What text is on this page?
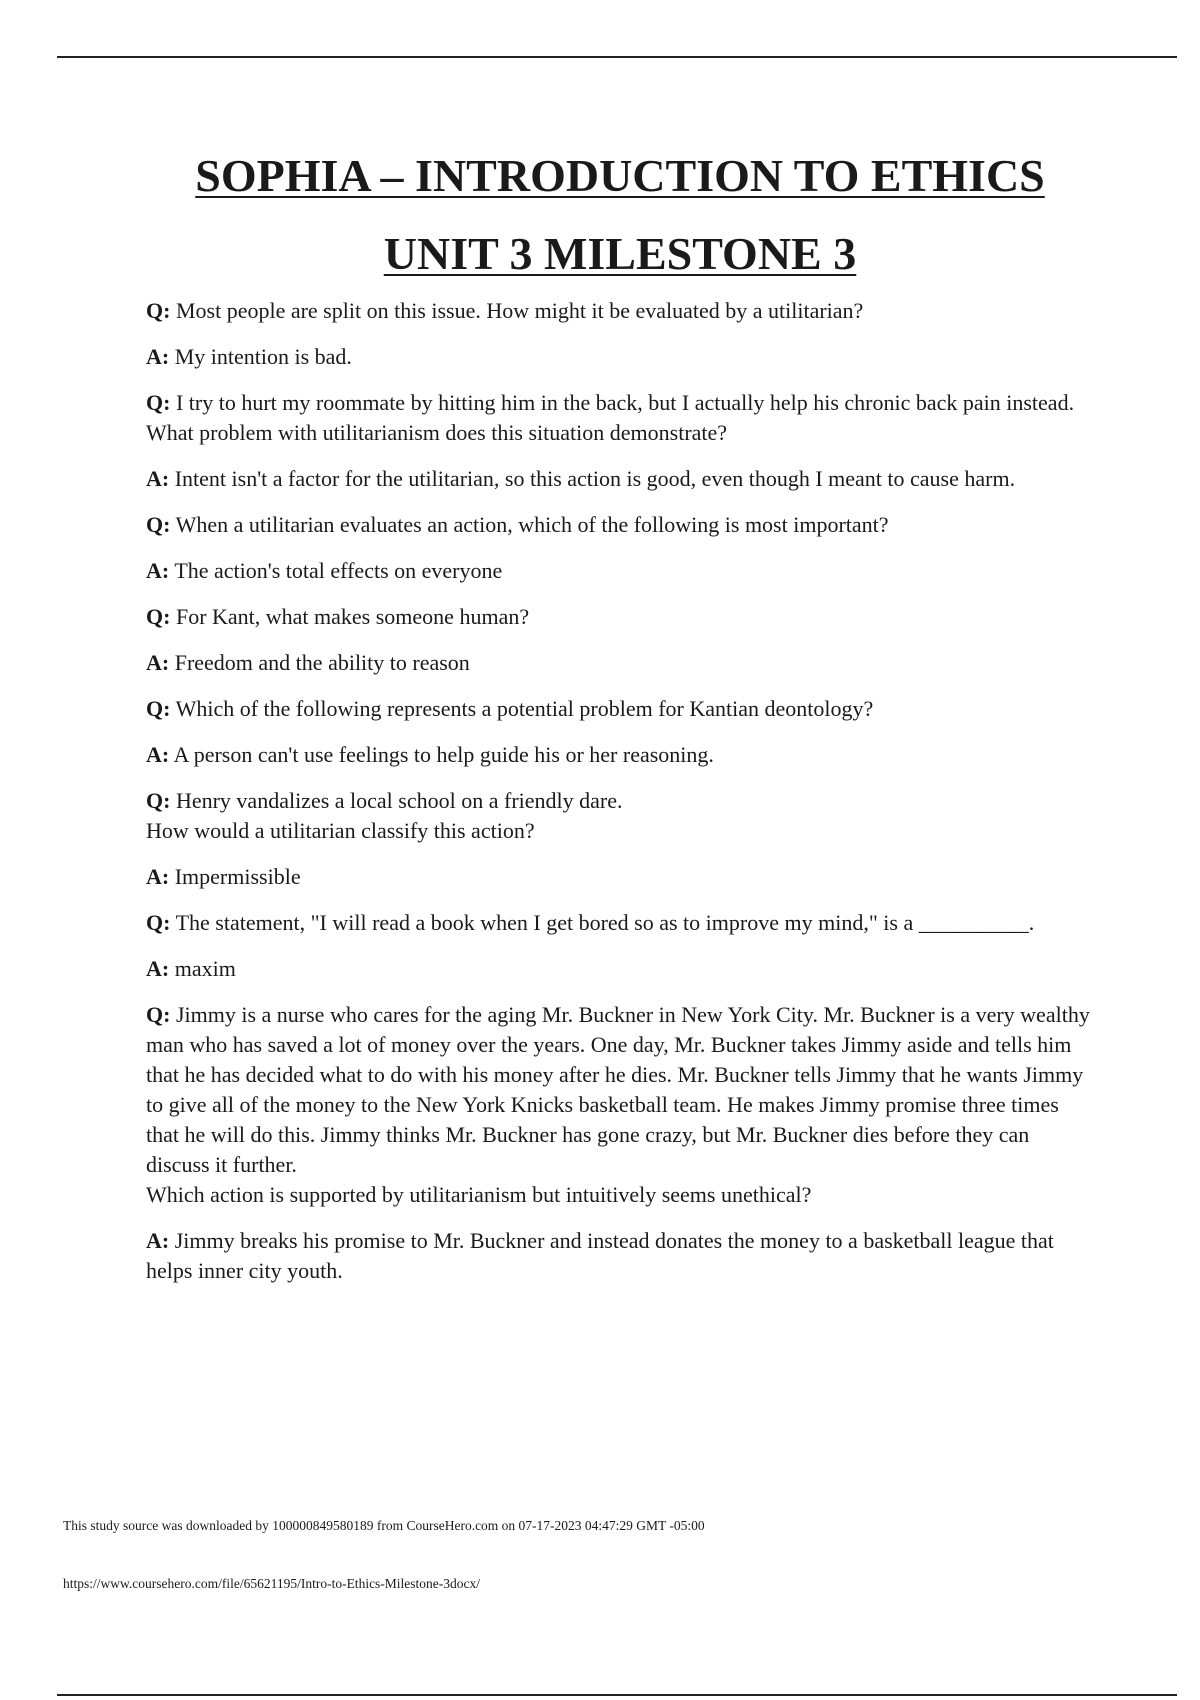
SOPHIA – INTRODUCTION TO ETHICS
UNIT 3 MILESTONE 3

Q: Most people are split on this issue. How might it be evaluated by a utilitarian?

A: My intention is bad.

Q: I try to hurt my roommate by hitting him in the back, but I actually help his chronic back pain instead.
What problem with utilitarianism does this situation demonstrate?

A: Intent isn't a factor for the utilitarian, so this action is good, even though I meant to cause harm.

Q: When a utilitarian evaluates an action, which of the following is most important?

A: The action's total effects on everyone

Q: For Kant, what makes someone human?

A: Freedom and the ability to reason

Q: Which of the following represents a potential problem for Kantian deontology?

A: A person can't use feelings to help guide his or her reasoning.

Q: Henry vandalizes a local school on a friendly dare.
How would a utilitarian classify this action?

A: Impermissible

Q: The statement, "I will read a book when I get bored so as to improve my mind," is a __________.

A: maxim

Q: Jimmy is a nurse who cares for the aging Mr. Buckner in New York City. Mr. Buckner is a very wealthy man who has saved a lot of money over the years. One day, Mr. Buckner takes Jimmy aside and tells him that he has decided what to do with his money after he dies. Mr. Buckner tells Jimmy that he wants Jimmy to give all of the money to the New York Knicks basketball team. He makes Jimmy promise three times that he will do this. Jimmy thinks Mr. Buckner has gone crazy, but Mr. Buckner dies before they can discuss it further.
Which action is supported by utilitarianism but intuitively seems unethical?

A: Jimmy breaks his promise to Mr. Buckner and instead donates the money to a basketball league that helps inner city youth.

This study source was downloaded by 100000849580189 from CourseHero.com on 07-17-2023 04:47:29 GMT -05:00
https://www.coursehero.com/file/65621195/Intro-to-Ethics-Milestone-3docx/
